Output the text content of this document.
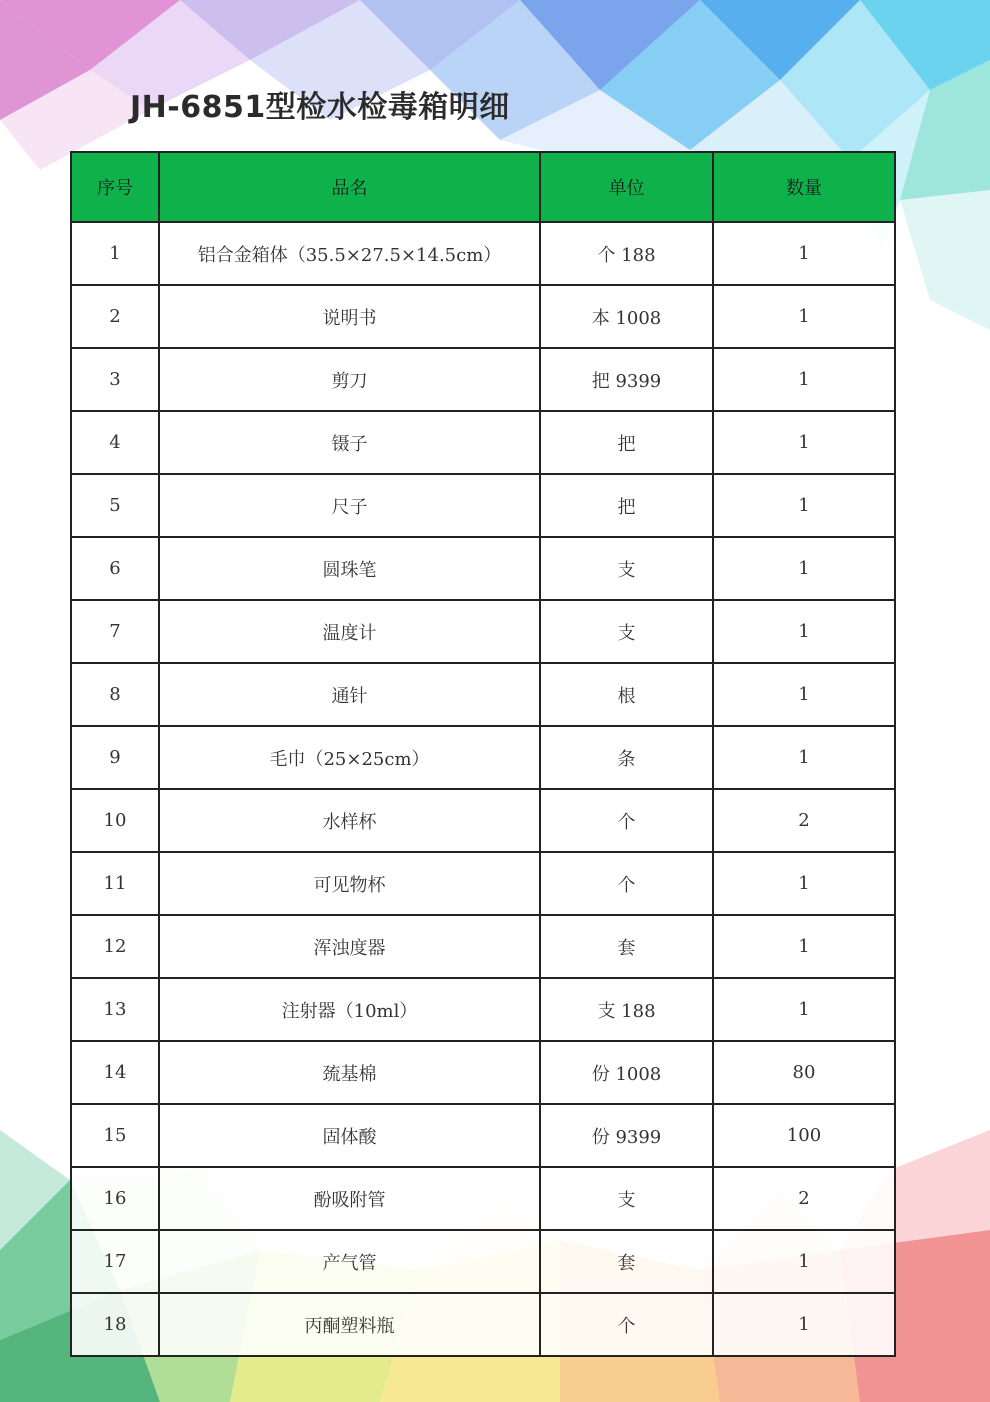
JH-6851型检水检毒箱明细
序号	品名	单位	数量
1	铝合金箱体（35.5×27.5×14.5cm）	个 188	1
2	说明书	本 1008	1
3	剪刀	把 9399	1
4	镊子	把	1
5	尺子	把	1
6	圆珠笔	支	1
7	温度计	支	1
8	通针	根	1
9	毛巾（25×25cm）	条	1
10	水样杯	个	2
11	可见物杯	个	1
12	浑浊度器	套	1
13	注射器（10ml）	支 188	1
14	巯基棉	份 1008	80
15	固体酸	份 9399	100
16	酚吸附管	支	2
17	产气管	套	1
18	丙酮塑料瓶	个	1
